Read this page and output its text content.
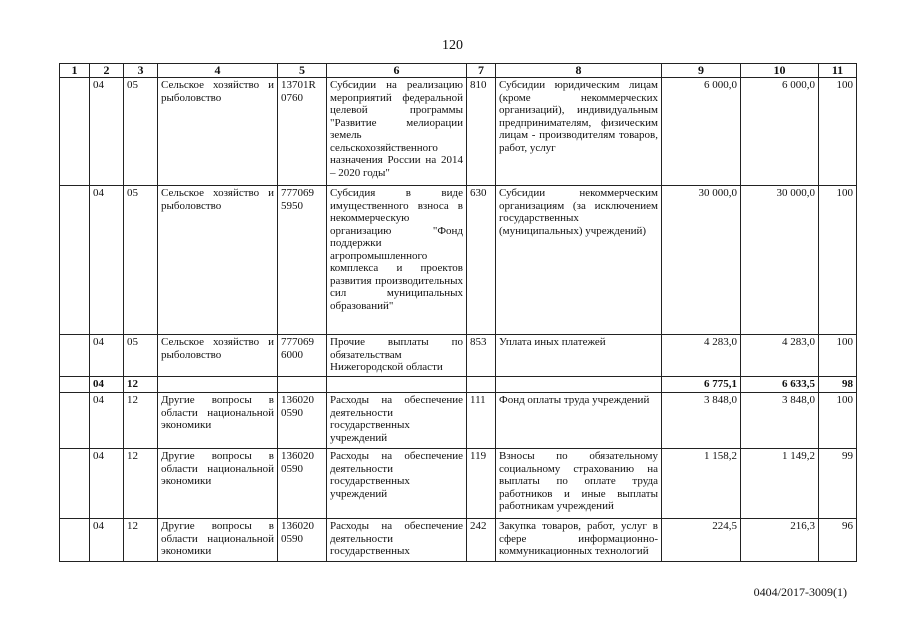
120
1	2	3	4	5	6	7	8	9	10	11
	04	05	Сельское хозяйство и рыболовство	13701R 0760	Субсидии на реализацию мероприятий федеральной целевой программы "Развитие мелиорации земель сельскохозяйственного назначения России на 2014 – 2020 годы"	810	Субсидии юридическим лицам (кроме некоммерческих организаций), индивидуальным предпринимателям, физическим лицам - производителям товаров, работ, услуг	6 000,0	6 000,0	100
	04	05	Сельское хозяйство и рыболовство	777069 5950	Субсидия в виде имущественного взноса в некоммерческую организацию "Фонд поддержки агропромышленного комплекса и проектов развития производительных сил муниципальных образований"	630	Субсидии некоммерческим организациям (за исключением государственных (муниципальных) учреждений)	30 000,0	30 000,0	100
	04	05	Сельское хозяйство и рыболовство	777069 6000	Прочие выплаты по обязательствам Нижегородской области	853	Уплата иных платежей	4 283,0	4 283,0	100
	04	12						6 775,1	6 633,5	98
	04	12	Другие вопросы в области национальной экономики	136020 0590	Расходы на обеспечение деятельности государственных учреждений	111	Фонд оплаты труда учреждений	3 848,0	3 848,0	100
	04	12	Другие вопросы в области национальной экономики	136020 0590	Расходы на обеспечение деятельности государственных учреждений	119	Взносы по обязательному социальному страхованию на выплаты по оплате труда работников и иные выплаты работникам учреждений	1 158,2	1 149,2	99
	04	12	Другие вопросы в области национальной экономики	136020 0590	Расходы на обеспечение деятельности государственных	242	Закупка товаров, работ, услуг в сфере информационно-коммуникационных технологий	224,5	216,3	96
0404/2017-3009(1)
